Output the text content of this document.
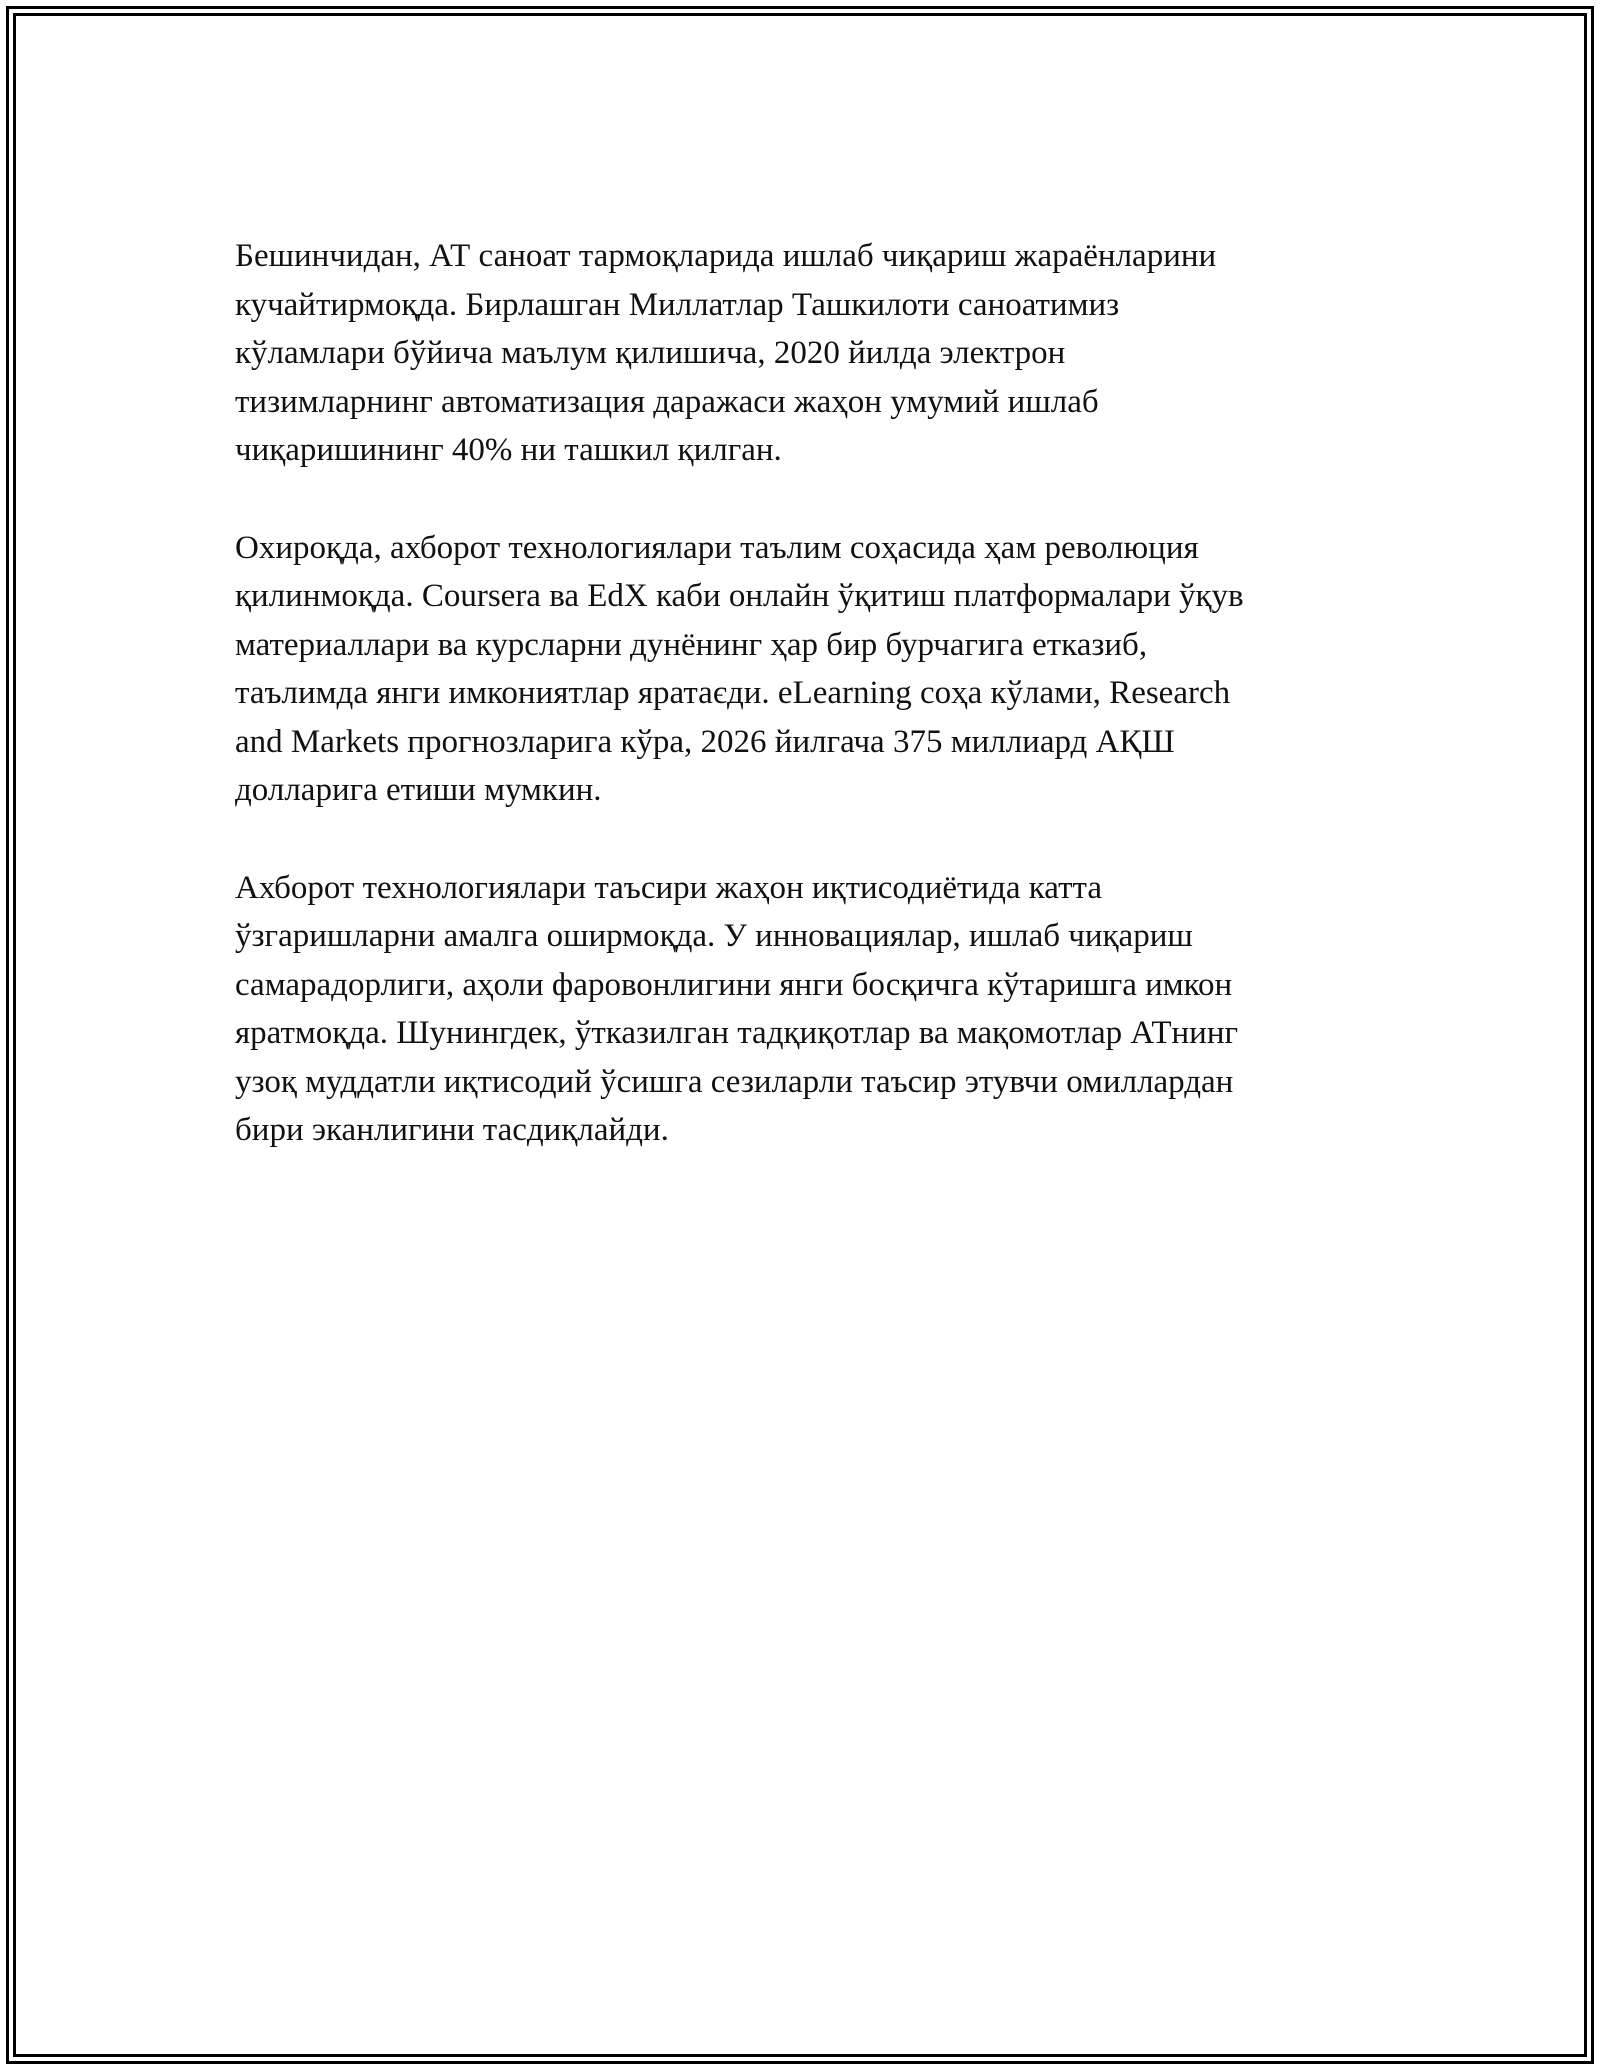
Бешинчидан, АТ саноат тармоқларида ишлаб чиқариш жараёнларини
кучайтирмоқда. Бирлашган Миллатлар Ташкилоти саноатимиз
кўламлари бўйича маълум қилишича, 2020 йилда электрон
тизимларнинг автоматизация даражаси жаҳон умумий ишлаб
чиқаришининг 40% ни ташкил қилган.

Охироқда, ахборот технологиялари таълим соҳасида ҳам революция
қилинмоқда. Coursera ва EdX каби онлайн ўқитиш платформалари ўқув
материаллари ва курсларни дунёнинг ҳар бир бурчагига етказиб,
таълимда янги имкониятлар яратаєди. eLearning соҳа кўлами, Research
and Markets прогнозларига кўра, 2026 йилгача 375 миллиард АҚШ
долларига етиши мумкин.

Ахборот технологиялари таъсири жаҳон иқтисодиётида катта
ўзгаришларни амалга оширмоқда. У инновациялар, ишлаб чиқариш
самарадорлиги, аҳоли фаровонлигини янги босқичга кўтаришга имкон
яратмоқда. Шунингдек, ўтказилган тадқиқотлар ва мақомотлар АТнинг
узоқ муддатли иқтисодий ўсишга сезиларли таъсир этувчи омиллардан
бири эканлигини тасдиқлайди.
